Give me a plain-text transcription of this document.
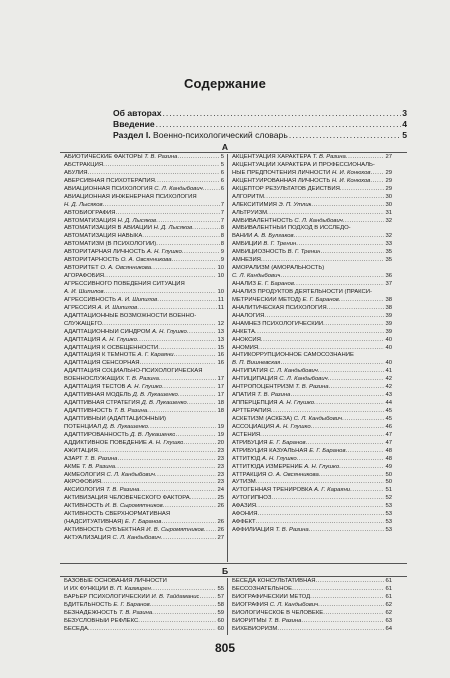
Содержание
Об авторах .....	3
Введение .....	4
Раздел I. Военно-психологический словарь .....	5
А
АБИОТИЧЕСКИЕ ФАКТОРЫ Т. В. Разина .....	5
АБСТРАКЦИЯ .....	5
АБУЛИЯ .....	6
АВЕРСИВНАЯ ПСИХОТЕРАПИЯ .....	6
АВИАЦИОННАЯ ПСИХОЛОГИЯ С. Л. Кандыбович .....	6
АВИАЦИОННАЯ ИНЖЕНЕРНАЯ ПСИХОЛОГИЯ
Н. Д. Лысяков .....	7
АВТОБИОГРАФИЯ .....	7
АВТОМАТИЗАЦИЯ Н. Д. Лысяков .....	7
АВТОМАТИЗАЦИЯ В АВИАЦИИ Н. Д. Лысяков .....	8
АВТОМАТИЗАЦИЯ НАВЫКА .....	8
АВТОМАТИЗМ (В ПСИХОЛОГИИ) .....	8
АВТОРИТАРНАЯ ЛИЧНОСТЬ А. Н. Глушко .....	9
АВТОРИТАРНОСТЬ О. А. Овсянникова .....	9
АВТОРИТЕТ О. А. Овсянникова .....	10
АГОРАФОБИЯ .....	10
АГРЕССИВНОГО ПОВЕДЕНИЯ СИТУАЦИЯ
А. И. Шипилов .....	10
АГРЕССИВНОСТЬ А. И. Шипилов .....	11
АГРЕССИЯ А. И. Шипилов .....	11
АДАПТАЦИОННЫЕ ВОЗМОЖНОСТИ ВОЕННО-
СЛУЖАЩЕГО .....	12
АДАПТАЦИОННЫЙ СИНДРОМ А. Н. Глушко .....	13
АДАПТАЦИЯ А. Н. Глушко .....	13
АДАПТАЦИЯ К ОСВЕЩЕННОСТИ .....	15
АДАПТАЦИЯ К ТЕМНОТЕ А. Г. Караяни .....	16
АДАПТАЦИЯ СЕНСОРНАЯ .....	16
АДАПТАЦИЯ СОЦИАЛЬНО-ПСИХОЛОГИЧЕСКАЯ
ВОЕННОСЛУЖАЩИХ Т. В. Разина .....	17
АДАПТАЦИЯ ТЕСТОВ А. Н. Глушко .....	17
АДАПТИВНАЯ МОДЕЛЬ Д. В. Лукашенко .....	17
АДАПТИВНАЯ СТРАТЕГИЯ Д. В. Лукашенко .....	18
АДАПТИВНОСТЬ Т. В. Разина .....	18
АДАПТИВНЫЙ (АДАПТАЦИОННЫЙ)
ПОТЕНЦИАЛ Д. В. Лукашенко .....	19
АДАПТИРОВАННОСТЬ Д. В. Лукашенко .....	19
АДДИКТИВНОЕ ПОВЕДЕНИЕ А. Н. Глушко .....	20
АЖИТАЦИЯ .....	23
АЗАРТ Т. В. Разина .....	23
АКМЕ Т. В. Разина .....	23
АКМЕОЛОГИЯ С. Л. Кандыбович .....	23
АКРОФОБИЯ .....	23
АКСИОЛОГИЯ Т. В. Разина .....	24
АКТИВИЗАЦИЯ ЧЕЛОВЕЧЕСКОГО ФАКТОРА .....	25
АКТИВНОСТЬ И. В. Сыромятников .....	26
АКТИВНОСТЬ СВЕРХНОРМАТИВНАЯ
(НАДСИТУАТИВНАЯ) Е. Г. Баранов .....	26
АКТИВНОСТЬ СУБЪЕКТНАЯ И. В. Сыромятников ..... 26
АКТУАЛИЗАЦИЯ С. Л. Кандыбович .....	27
АКЦЕНТУАЦИЯ ХАРАКТЕРА Т. В. Разина .....	27
АКЦЕНТУАЦИИ ХАРАКТЕРА И ПРОФЕССИОНАЛЬ-
НЫЕ ПРЕДПОЧТЕНИЯ ЛИЧНОСТИ Н. И. Конюхов .....	29
АКЦЕНТУИРОВАННАЯ ЛИЧНОСТЬ Н. И. Конюхов .....	29
АКЦЕПТОР РЕЗУЛЬТАТОВ ДЕЙСТВИЯ .....	29
АЛГОРИТМ .....	30
АЛЕКСИТИМИЯ Э. П. Утлик .....	30
АЛЬТРУИЗМ .....	31
АМБИВАЛЕНТНОСТЬ С. Л. Кандыбович .....	32
АМБИВАЛЕНТНЫЙ ПОДХОД В ИССЛЕДО-
ВАНИИ А. В. Булгаков .....	32
АМБИЦИИ В. Г. Тренин .....	33
АМБИЦИОЗНОСТЬ В. Г. Тренин .....	35
АМНЕЗИЯ .....	35
АМОРАЛИЗМ (АМОРАЛЬНОСТЬ)
С. Л. Кандыбович .....	36
АНАЛИЗ Е. Г. Баранов .....	37
АНАЛИЗ ПРОДУКТОВ ДЕЯТЕЛЬНОСТИ (ПРАКСИ-
МЕТРИЧЕСКИЙ МЕТОД) Е. Г. Баранов .....	38
АНАЛИТИЧЕСКАЯ ПСИХОЛОГИЯ .....	38
АНАЛОГИЯ .....	39
АНАМНЕЗ ПСИХОЛОГИЧЕСКИЙ .....	39
АНКЕТА .....	39
АНОКСИЯ .....	40
АНОМИЯ .....	40
АНТИКОРРУПЦИОННОЕ САМОСОЗНАНИЕ
В. П. Вишневская .....	40
АНТИПАТИЯ С. Л. Кандыбович .....	41
АНТИЦИПАЦИЯ С. Л. Кандыбович .....	42
АНТРОПОЦЕНТРИЗМ Т. В. Разина .....	42
АПАТИЯ Т. В. Разина .....	43
АППЕРЦЕПЦИЯ А. Н. Глушко .....	44
АРТТЕРАПИЯ .....	45
АСКЕТИЗМ (АСКЕЗА) С. Л. Кандыбович .....	45
АССОЦИАЦИЯ А. Н. Глушко .....	46
АСТЕНИЯ .....	47
АТРИБУЦИЯ Е. Г. Баранов .....	47
АТРИБУЦИЯ КАЗУАЛЬНАЯ Е. Г. Баранов .....	48
АТТИТЮД А. Н. Глушко .....	48
АТТИТЮДА ИЗМЕРЕНИЕ А. Н. Глушко .....	49
АТТРАКЦИЯ О. А. Овсянникова .....	50
АУТИЗМ .....	50
АУТОГЕННАЯ ТРЕНИРОВКА А. Г. Караяни .....	51
АУТОГИПНОЗ .....	52
АФАЗИЯ .....	53
АФОНИЯ .....	53
АФФЕКТ .....	53
АФФИЛИАЦИЯ Т. В. Разина .....	53
Б
БАЗОВЫЕ ОСНОВАНИЯ ЛИЧНОСТИ
И ИХ ФУНКЦИИ В. П. Казмирен .....	55
БАРЬЕР ПСИХОЛОГИЧЕСКИЙ И. В. Тайдаманис .....	57
БДИТЕЛЬНОСТЬ Е. Г. Баранов .....	58
БЕЗНАДЕЖНОСТЬ Т. В. Разина .....	59
БЕЗУСЛОВНЫЙ РЕФЛЕКС .....	60
БЕСЕДА .....	60
БЕСЕДА КОНСУЛЬТАТИВНАЯ .....	61
БЕССОЗНАТЕЛЬНОЕ .....	61
БИОГРАФИЧЕСКИЙ МЕТОД .....	61
БИОГРАФИЯ С. Л. Кандыбович .....	62
БИОЛОГИЧЕСКОЕ В ЧЕЛОВЕКЕ .....	62
БИОРИТМЫ Т. В. Разина .....	63
БИХЕВИОРИЗМ .....	64
805
